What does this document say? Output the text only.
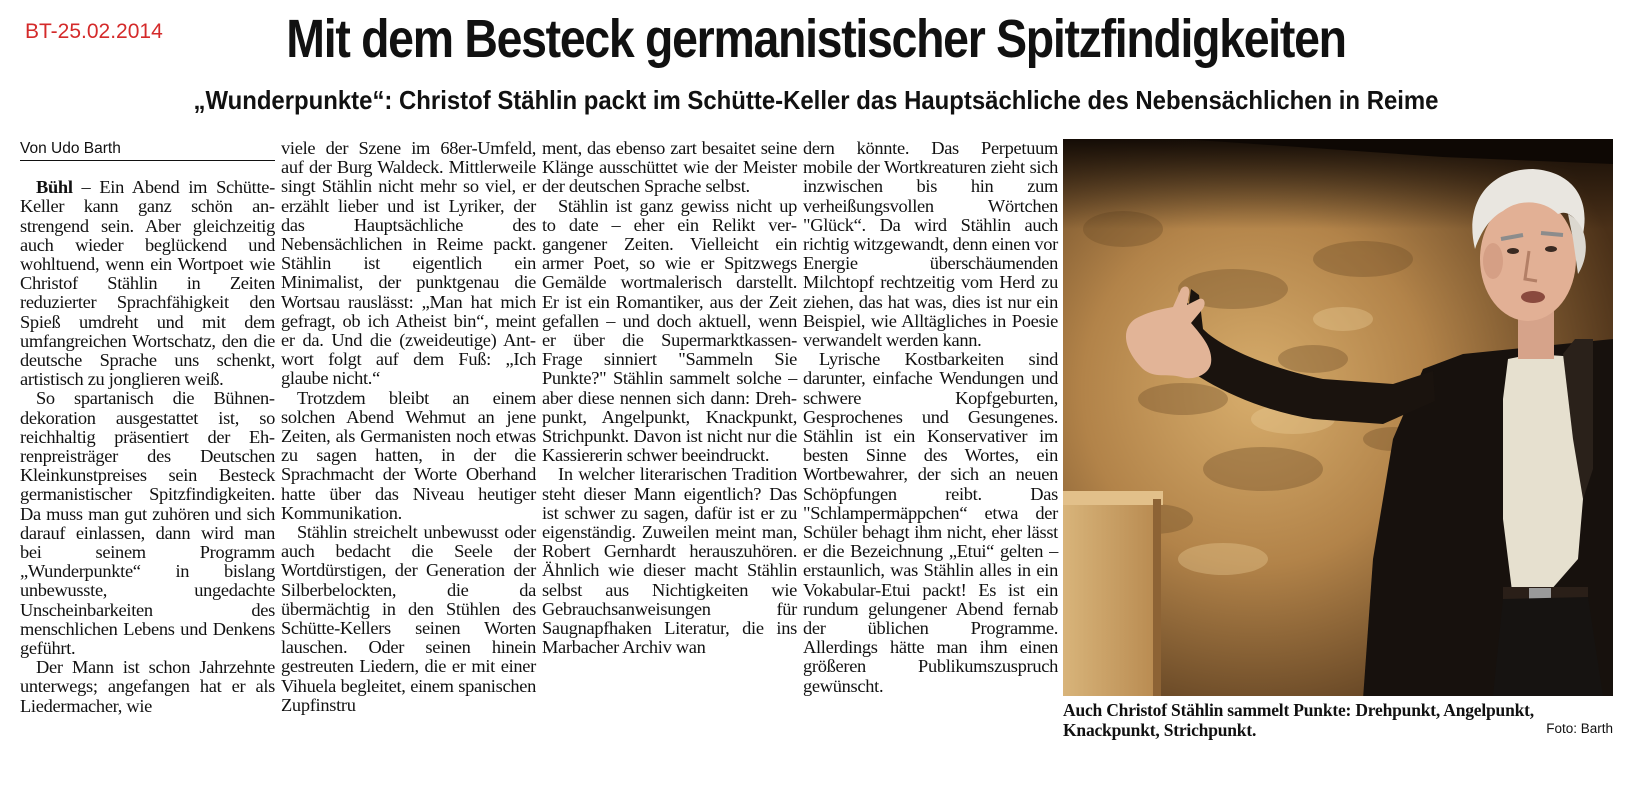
BT-25.02.2014	Mit dem Besteck germanistischer Spitzfindigkeiten
„Wunderpunkte“: Christof Stählin packt im Schütte-Keller das Hauptsächliche des Nebensächlichen in Reime
Von Udo Barth

Bühl – Ein Abend im Schütte-Keller kann ganz schön anstrengend sein. Aber gleichzeitig auch wieder beglückend und wohltuend, wenn ein Wortpoet wie Christof Stählin in Zeiten reduzierter Sprachfähigkeit den Spieß umdreht und mit dem umfangreichen Wortschatz, den die deutsche Sprache uns schenkt, artistisch zu jonglieren weiß.

So spartanisch die Bühnendekoration ausgestattet ist, so reichhaltig präsentiert der Ehrenpreisträger des Deutschen Kleinkunstpreises sein Besteck germanistischer Spitzfindigkeiten. Da muss man gut zuhören und sich darauf einlassen, dann wird man bei seinem Programm „Wunderpunkte“ in bislang unbewusste, ungedachte Unscheinbarkeiten des menschlichen Lebens und Denkens geführt.

Der Mann ist schon Jahrzehnte unterwegs; angefangen hat er als Liedermacher, wie

viele der Szene im 68er-Umfeld, auf der Burg Waldeck. Mittlerweile singt Stählin nicht mehr so viel, er erzählt lieber und ist Lyriker, der das Hauptsächliche des Nebensächlichen in Reime packt. Stählin ist eigentlich ein Minimalist, der punktgenau die Wortsau rauslässt: „Man hat mich gefragt, ob ich Atheist bin“, meint er da. Und die (zweideutige) Antwort folgt auf dem Fuß: „Ich glaube nicht.“

Trotzdem bleibt an einem solchen Abend Wehmut an jene Zeiten, als Germanisten noch etwas zu sagen hatten, in der die Sprachmacht der Worte Oberhand hatte über das Niveau heutiger Kommunikation.

Stählin streichelt unbewusst oder auch bedacht die Seele der Wortdürstigen, der Generation der Silberbelockten, die da übermächtig in den Stühlen des Schütte-Kellers seinen Worten lauschen. Oder seinen hinein gestreuten Liedern, die er mit einer Vihuela begleitet, einem spanischen Zupfinstru

ment, das ebenso zart besaitet seine Klänge ausschüttet wie der Meister der deutschen Sprache selbst.

Stählin ist ganz gewiss nicht up to date – eher ein Relikt vergangener Zeiten. Vielleicht ein armer Poet, so wie er Spitzwegs Gemälde wortmalerisch darstellt. Er ist ein Romantiker, aus der Zeit gefallen – und doch aktuell, wenn er über die Supermarktkassen-Frage sinniert "Sammeln Sie Punkte?" Stählin sammelt solche – aber diese nennen sich dann: Drehpunkt, Angelpunkt, Knackpunkt, Strichpunkt. Davon ist nicht nur die Kassiererin schwer beeindruckt.

In welcher literarischen Tradition steht dieser Mann eigentlich? Das ist schwer zu sagen, dafür ist er zu eigenständig. Zuweilen meint man, Robert Gernhardt herauszuhören. Ähnlich wie dieser macht Stählin selbst aus Nichtigkeiten wie Gebrauchsanweisungen für Saugnapfhaken Literatur, die ins Marbacher Archiv wan

dern könnte. Das Perpetuum mobile der Wortkreaturen zieht sich inzwischen bis hin zum verheißungsvollen Wörtchen "Glück“. Da wird Stählin auch richtig witzgewandt, denn einen vor Energie überschäumenden Milchtopf rechtzeitig vom Herd zu ziehen, das hat was, dies ist nur ein Beispiel, wie Alltägliches in Poesie verwandelt werden kann.

Lyrische Kostbarkeiten sind darunter, einfache Wendungen und schwere Kopfgeburten, Gesprochenes und Gesungenes. Stählin ist ein Konservativer im besten Sinne des Wortes, ein Wortbewahrer, der sich an neuen Schöpfungen reibt. Das "Schlampermäppchen“ etwa der Schüler behagt ihm nicht, eher lässt er die Bezeichnung „Etui“ gelten – erstaunlich, was Stählin alles in ein Vokabular-Etui packt! Es ist ein rundum gelungener Abend fernab der üblichen Programme. Allerdings hätte man ihm einen größeren Publikumszuspruch gewünscht.

Auch Christof Stählin sammelt Punkte: Drehpunkt, Angelpunkt, Knackpunkt, Strichpunkt.	Foto: Barth
